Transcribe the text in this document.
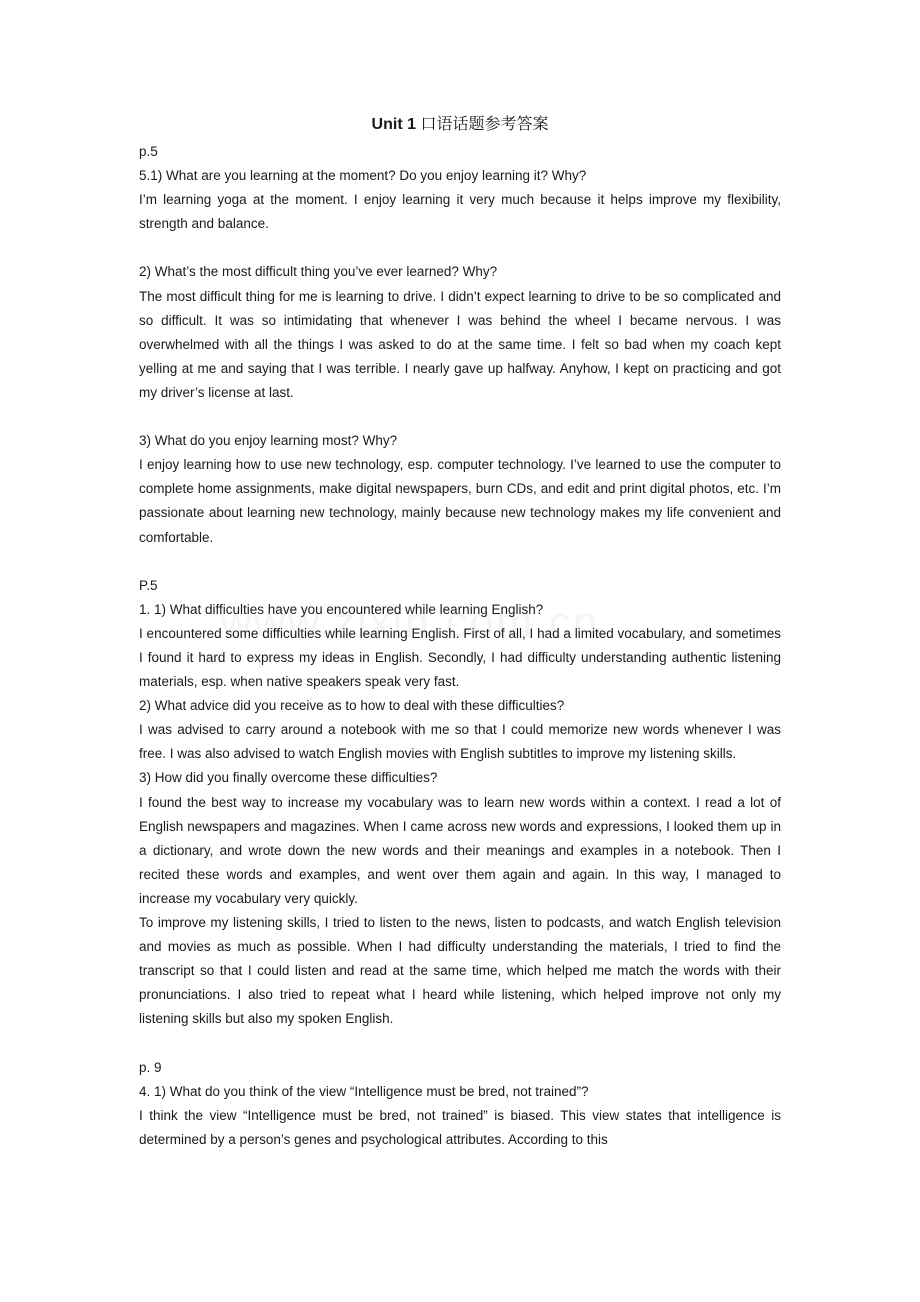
Unit 1 口语话题参考答案

p.5

5.1) What are you learning at the moment? Do you enjoy learning it? Why?

I’m learning yoga at the moment. I enjoy learning it very much because it helps improve my flexibility, strength and balance.

2) What’s the most difficult thing you’ve ever learned? Why?

The most difficult thing for me is learning to drive. I didn’t expect learning to drive to be so complicated and so difficult. It was so intimidating that whenever I was behind the wheel I became nervous. I was overwhelmed with all the things I was asked to do at the same time. I felt so bad when my coach kept yelling at me and saying that I was terrible. I nearly gave up halfway. Anyhow, I kept on practicing and got my driver’s license at last.

3) What do you enjoy learning most? Why?

I enjoy learning how to use new technology, esp. computer technology. I’ve learned to use the computer to complete home assignments, make digital newspapers, burn CDs, and edit and print digital photos, etc. I’m passionate about learning new technology, mainly because new technology makes my life convenient and comfortable.

P.5

1. 1) What difficulties have you encountered while learning English?

I encountered some difficulties while learning English. First of all, I had a limited vocabulary, and sometimes I found it hard to express my ideas in English. Secondly, I had difficulty understanding authentic listening materials, esp. when native speakers speak very fast.

2) What advice did you receive as to how to deal with these difficulties?

I was advised to carry around a notebook with me so that I could memorize new words whenever I was free. I was also advised to watch English movies with English subtitles to improve my listening skills.

3) How did you finally overcome these difficulties?

I found the best way to increase my vocabulary was to learn new words within a context. I read a lot of English newspapers and magazines. When I came across new words and expressions, I looked them up in a dictionary, and wrote down the new words and their meanings and examples in a notebook. Then I recited these words and examples, and went over them again and again. In this way, I managed to increase my vocabulary very quickly.

To improve my listening skills, I tried to listen to the news, listen to podcasts, and watch English television and movies as much as possible. When I had difficulty understanding the materials, I tried to find the transcript so that I could listen and read at the same time, which helped me match the words with their pronunciations. I also tried to repeat what I heard while listening, which helped improve not only my listening skills but also my spoken English.

p. 9

4. 1) What do you think of the view “Intelligence must be bred, not trained”?

I think the view “Intelligence must be bred, not trained” is biased. This view states that intelligence is determined by a person’s genes and psychological attributes. According to this
